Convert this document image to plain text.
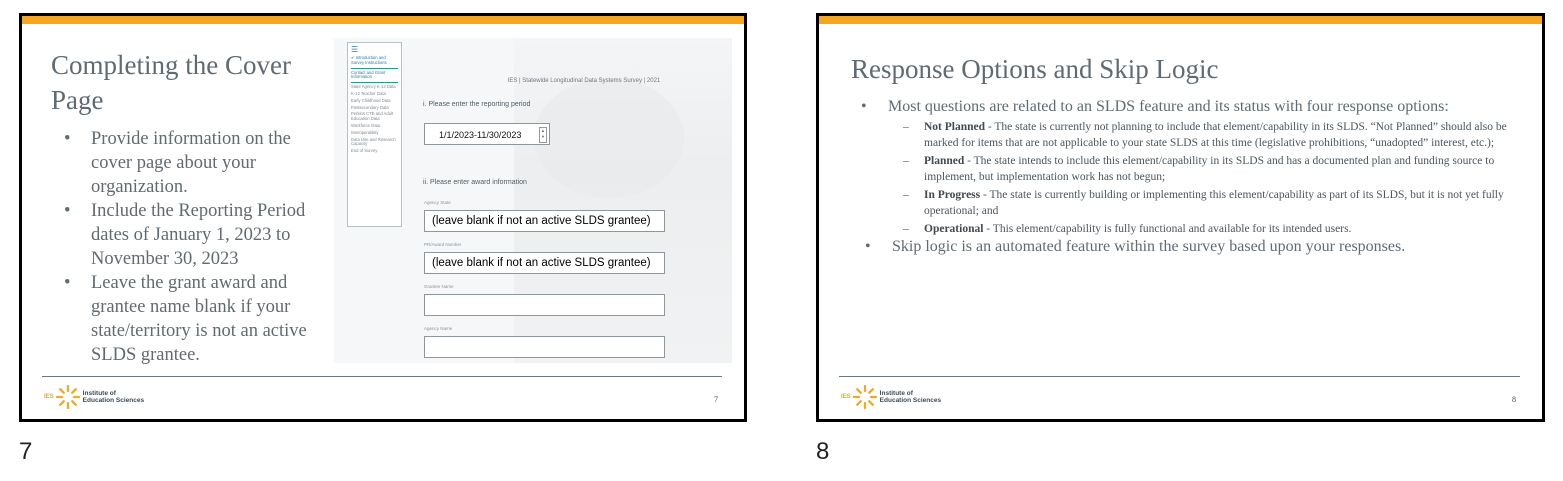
Completing the Cover Page
• Provide information on the cover page about your organization.
• Include the Reporting Period dates of January 1, 2023 to November 30, 2023
• Leave the grant award and grantee name blank if your state/territory is not an active SLDS grantee.
☰
✔ Introduction and Survey Instructions
Contact and Grant Information
State Agency K-12 Data
K-12 Teacher Data
Early Childhood Data
Postsecondary Data
Perkins CTE and Adult Education Data
Workforce Data
Interoperability
Data Use and Research Capacity
End of Survey
IES | Statewide Longitudinal Data Systems Survey | 2021
i. Please enter the reporting period
1/1/2023-11/30/2023	▲
▼
ii. Please enter award information
Agency State
(leave blank if not an active SLDS grantee)
PR/Award Number
(leave blank if not an active SLDS grantee)
Grantee Name
Agency Name
IES	Institute of
Education Sciences	7
7
Response Options and Skip Logic
• Most questions are related to an SLDS feature and its status with four response options:
– Not Planned - The state is currently not planning to include that element/capability in its SLDS. “Not Planned” should also be marked for items that are not applicable to your state SLDS at this time (legislative prohibitions, “unadopted” interest, etc.);
– Planned - The state intends to include this element/capability in its SLDS and has a documented plan and funding source to implement, but implementation work has not begun;
– In Progress - The state is currently building or implementing this element/capability as part of its SLDS, but it is not yet fully operational; and
– Operational - This element/capability is fully functional and available for its intended users.
• Skip logic is an automated feature within the survey based upon your responses.
IES	Institute of
Education Sciences	8
8
